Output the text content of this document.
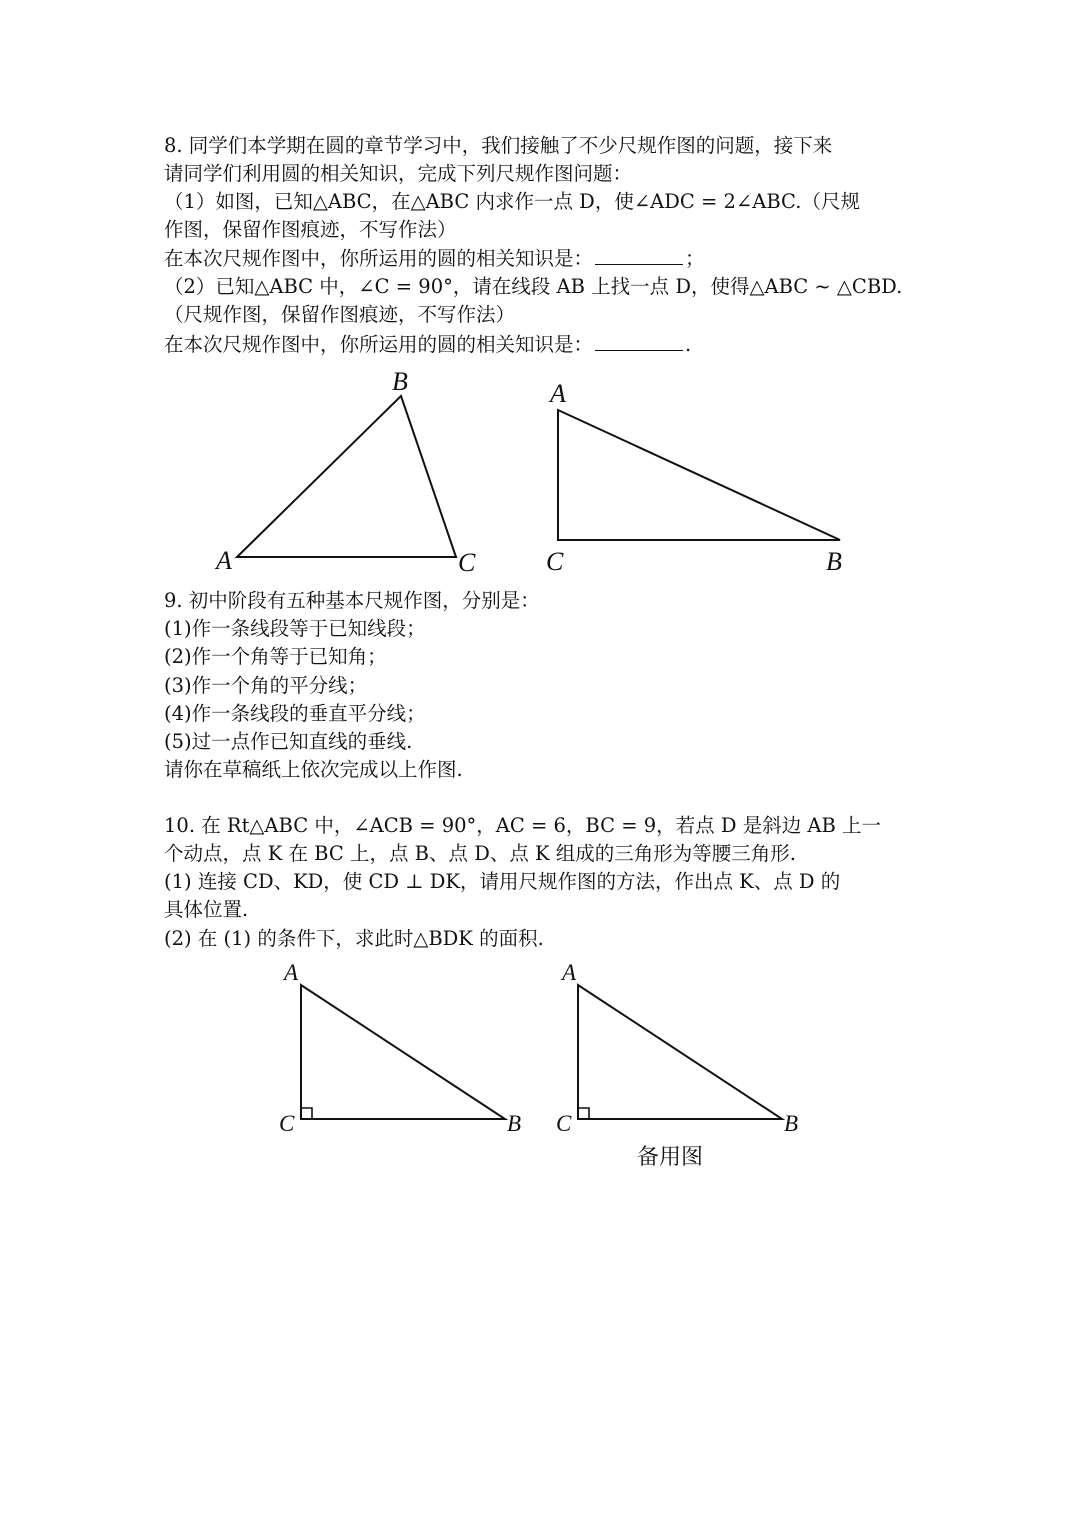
8. 同学们本学期在圆的章节学习中，我们接触了不少尺规作图的问题，接下来
请同学们利用圆的相关知识，完成下列尺规作图问题：
（1）如图，已知△ABC，在△ABC 内求作一点 D，使∠ADC = 2∠ABC.（尺规
作图，保留作图痕迹，不写作法）
在本次尺规作图中，你所运用的圆的相关知识是：	；
（2）已知△ABC 中，∠C = 90°，请在线段 AB 上找一点 D，使得△ABC ~ △CBD.
（尺规作图，保留作图痕迹，不写作法）
在本次尺规作图中，你所运用的圆的相关知识是：	.
9. 初中阶段有五种基本尺规作图，分别是：
(1)作一条线段等于已知线段；
(2)作一个角等于已知角；
(3)作一个角的平分线；
(4)作一条线段的垂直平分线；
(5)过一点作已知直线的垂线.
请你在草稿纸上依次完成以上作图.
10. 在 Rt△ABC 中，∠ACB = 90°，AC = 6，BC = 9，若点 D 是斜边 AB 上一
个动点，点 K 在 BC 上，点 B、点 D、点 K 组成的三角形为等腰三角形.
(1) 连接 CD、KD，使 CD ⊥ DK，请用尺规作图的方法，作出点 K、点 D 的
具体位置.
(2) 在 (1) 的条件下，求此时△BDK 的面积.
B
A	C
A
C	B
A
C	B
A
C	B
备用图
